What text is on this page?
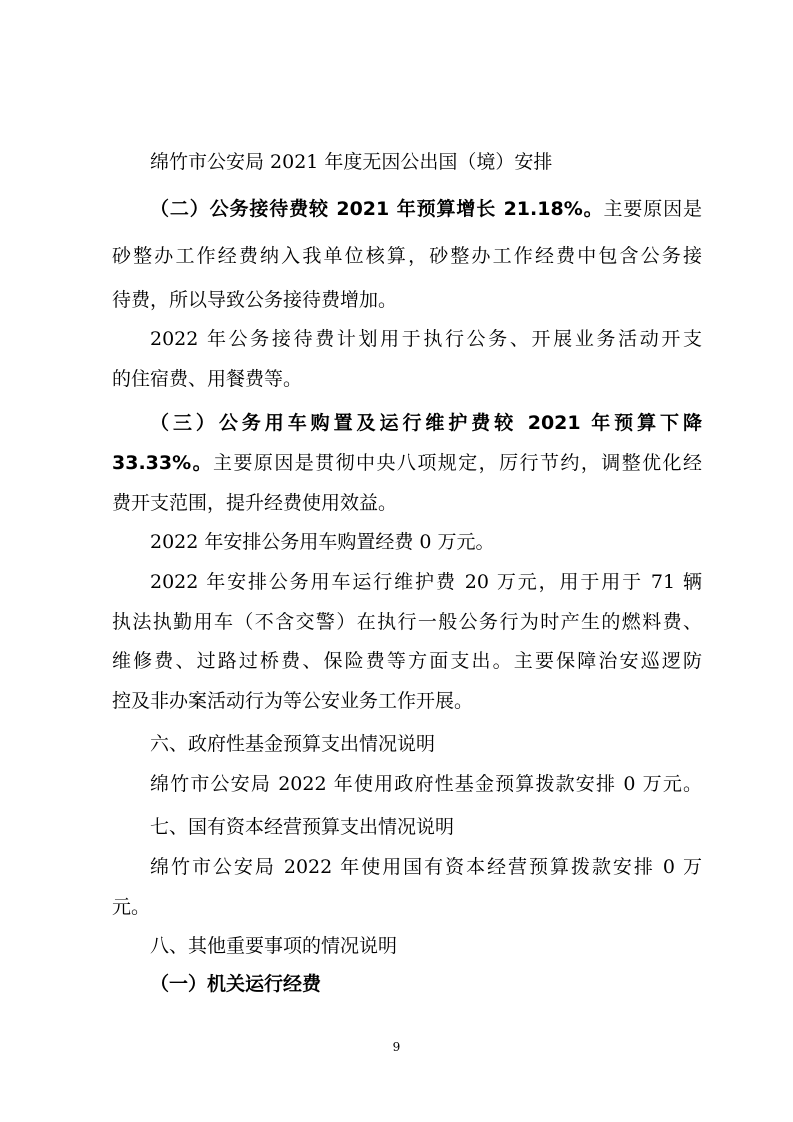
绵竹市公安局 2021 年度无因公出国（境）安排
（二）公务接待费较 2021 年预算增长 21.18%。主要原因是
砂整办工作经费纳入我单位核算，砂整办工作经费中包含公务接
待费，所以导致公务接待费增加。
2022 年公务接待费计划用于执行公务、开展业务活动开支
的住宿费、用餐费等。
（三）公务用车购置及运行维护费较 2021 年预算下降
33.33%。主要原因是贯彻中央八项规定，厉行节约，调整优化经
费开支范围，提升经费使用效益。
2022 年安排公务用车购置经费 0 万元。
2022 年安排公务用车运行维护费 20 万元，用于用于 71 辆
执法执勤用车（不含交警）在执行一般公务行为时产生的燃料费、
维修费、过路过桥费、保险费等方面支出。主要保障治安巡逻防
控及非办案活动行为等公安业务工作开展。
六、政府性基金预算支出情况说明
绵竹市公安局 2022 年使用政府性基金预算拨款安排 0 万元。
七、国有资本经营预算支出情况说明
绵竹市公安局 2022 年使用国有资本经营预算拨款安排 0 万
元。
八、其他重要事项的情况说明
（一）机关运行经费
9
